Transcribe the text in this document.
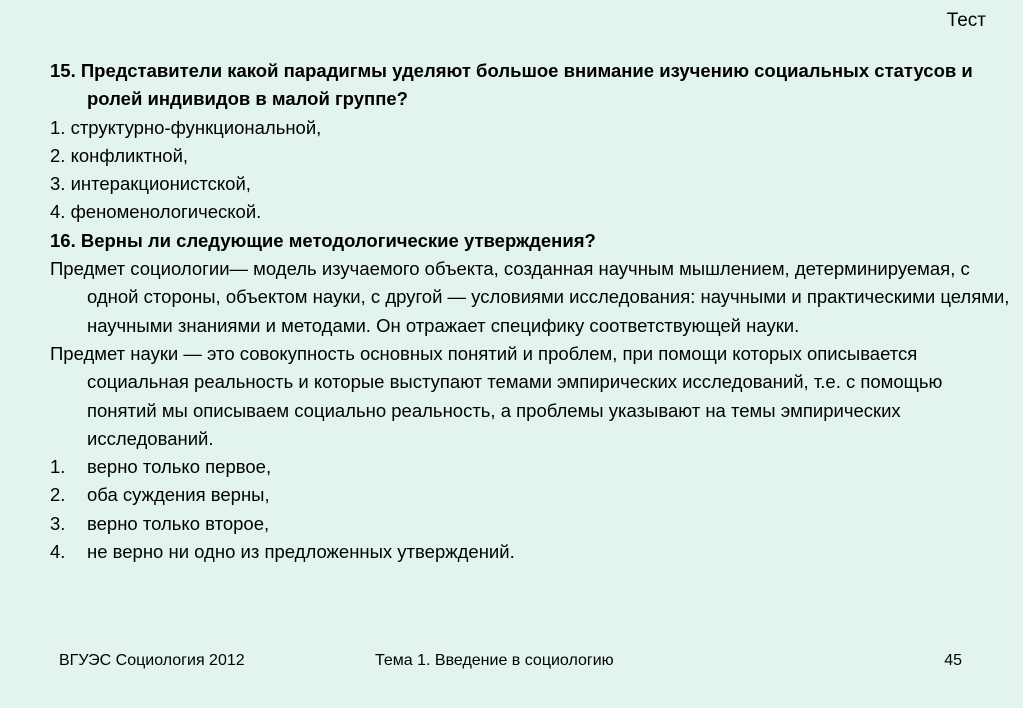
Тест
15. Представители какой парадигмы уделяют большое внимание изучению социальных статусов и ролей индивидов в малой группе?
1. структурно-функциональной,
2. конфликтной,
3. интеракционистской,
4. феноменологической.
16. Верны ли следующие методологические утверждения?
Предмет социологии— модель изучаемого объекта, созданная научным мышлением, детерминируемая, с одной стороны, объектом науки, с другой — условиями исследования: научными и практическими целями, научными знаниями и методами. Он отражает специфику соответствующей науки.
Предмет науки — это совокупность основных понятий и проблем, при помощи которых описывается социальная реальность и которые выступают темами эмпирических исследований, т.е. с помощью понятий мы описываем социально реальность, а проблемы указывают на темы эмпирических исследований.
1.	верно только первое,
2.	оба суждения верны,
3.	верно только второе,
4.	не верно ни одно из предложенных утверждений.
ВГУЭС Социология 2012	Тема 1. Введение в социологию	45
